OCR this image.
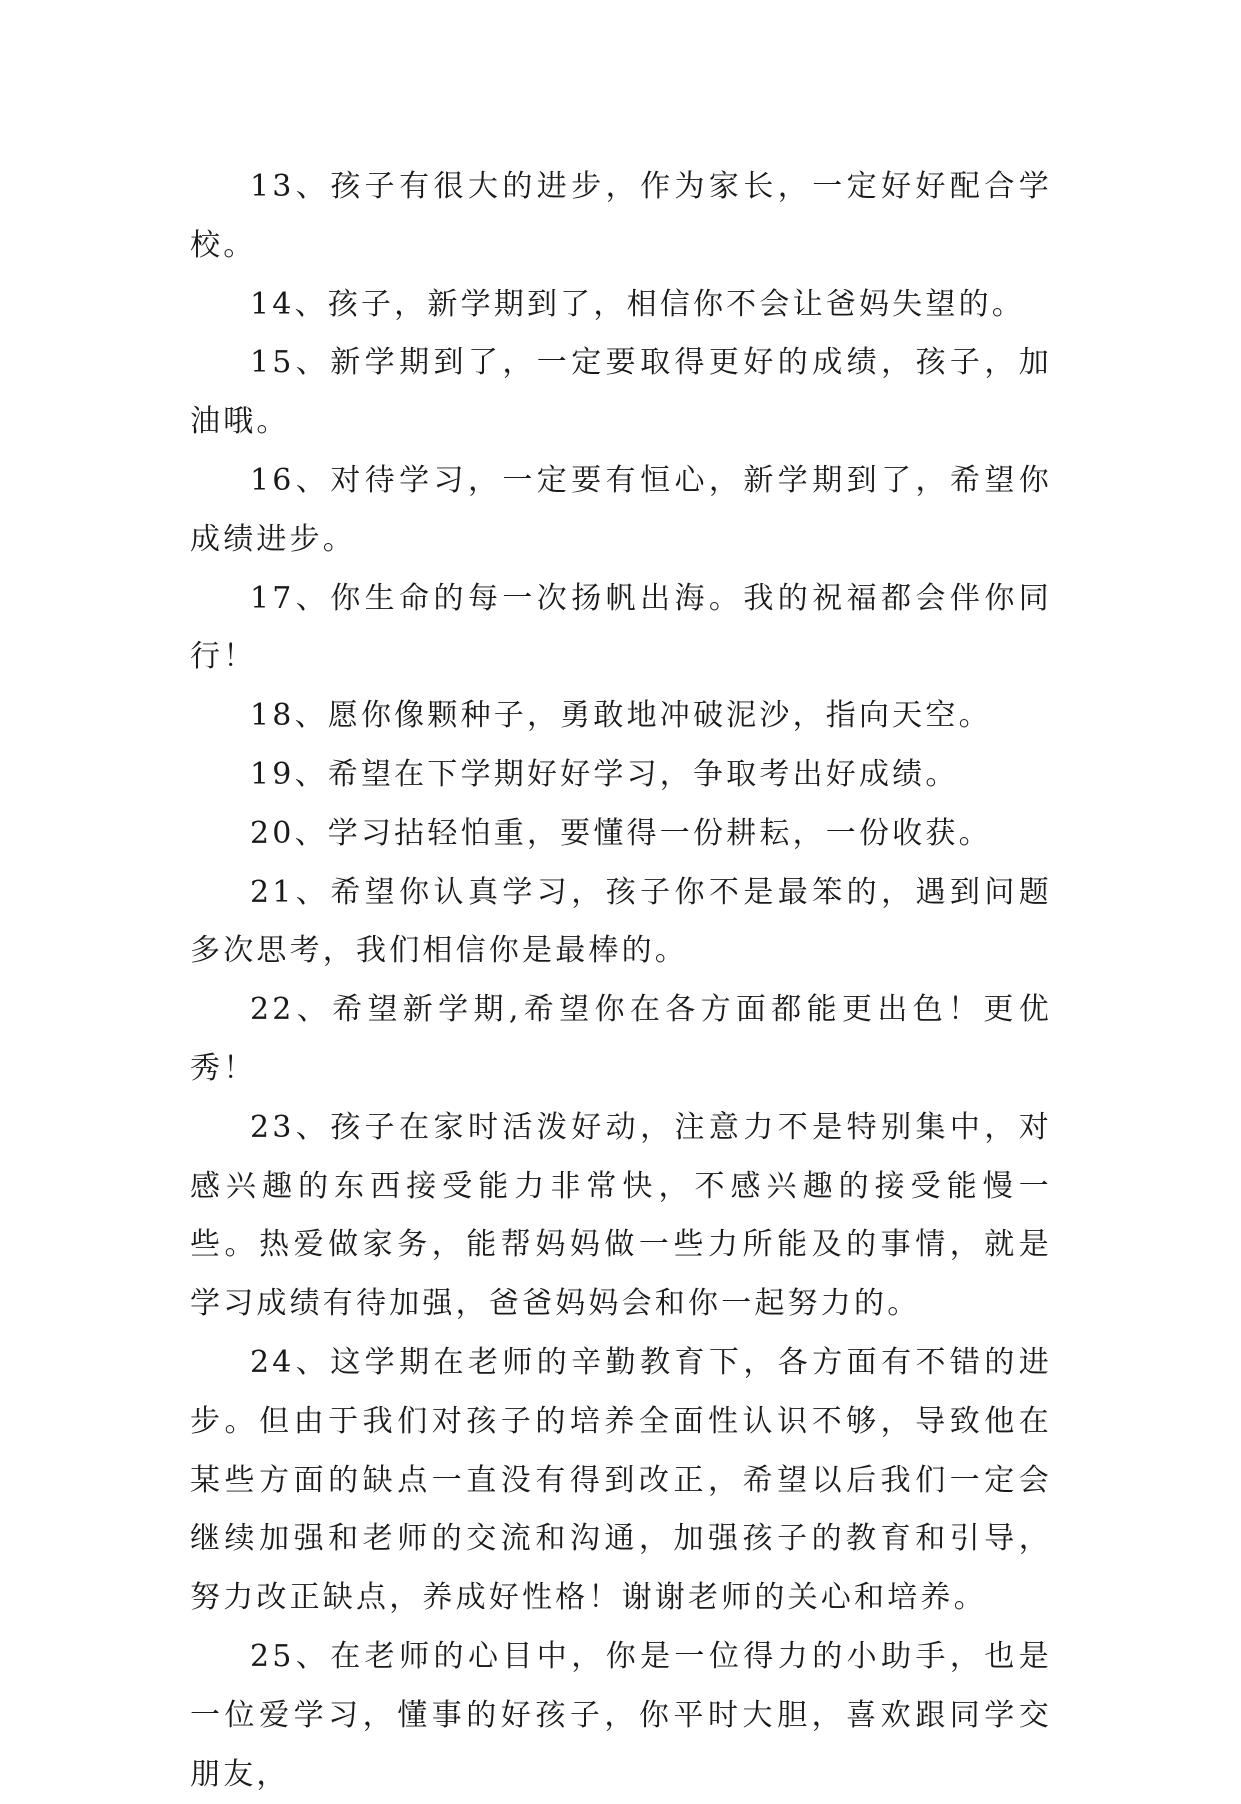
13、孩子有很大的进步，作为家长，一定好好配合学校。

14、孩子，新学期到了，相信你不会让爸妈失望的。

15、新学期到了，一定要取得更好的成绩，孩子，加油哦。

16、对待学习，一定要有恒心，新学期到了，希望你成绩进步。

17、你生命的每一次扬帆出海。我的祝福都会伴你同行！

18、愿你像颗种子，勇敢地冲破泥沙，指向天空。

19、希望在下学期好好学习，争取考出好成绩。

20、学习拈轻怕重，要懂得一份耕耘，一份收获。

21、希望你认真学习，孩子你不是最笨的，遇到问题多次思考，我们相信你是最棒的。

22、希望新学期,希望你在各方面都能更出色！更优秀！

23、孩子在家时活泼好动，注意力不是特别集中，对感兴趣的东西接受能力非常快，不感兴趣的接受能慢一些。热爱做家务，能帮妈妈做一些力所能及的事情，就是学习成绩有待加强，爸爸妈妈会和你一起努力的。

24、这学期在老师的辛勤教育下，各方面有不错的进步。但由于我们对孩子的培养全面性认识不够，导致他在某些方面的缺点一直没有得到改正，希望以后我们一定会继续加强和老师的交流和沟通，加强孩子的教育和引导，努力改正缺点，养成好性格！谢谢老师的关心和培养。

25、在老师的心目中，你是一位得力的小助手，也是一位爱学习，懂事的好孩子，你平时大胆，喜欢跟同学交朋友，
